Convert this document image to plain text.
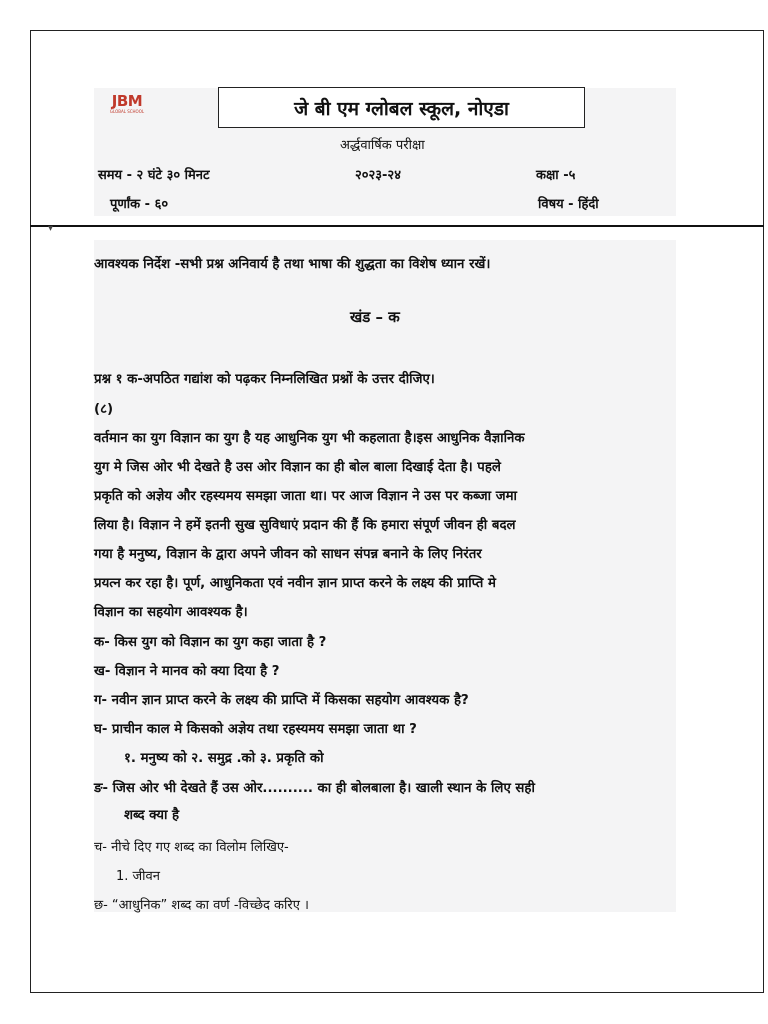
JBM
GLOBAL SCHOOL	जे बी एम ग्लोबल स्कूल, नोएडा
अर्द्धवार्षिक परीक्षा
समय - २ घंटे ३० मिनट	२०२३-२४	कक्षा -५
पूर्णांक - ६०	विषय - हिंदी
▾
आवश्यक निर्देश -सभी प्रश्न अनिवार्य है तथा भाषा की शुद्धता का विशेष ध्यान रखें।
खंड – क
प्रश्न १ क-अपठित गद्यांश को पढ़कर निम्नलिखित प्रश्नों के उत्तर दीजिए।
(८)
वर्तमान का युग विज्ञान का युग है यह आधुनिक युग भी कहलाता है।इस आधुनिक वैज्ञानिक
युग मे जिस ओर भी देखते है उस ओर विज्ञान का ही बोल बाला दिखाई देता है। पहले
प्रकृति को अज्ञेय और रहस्यमय समझा जाता था। पर आज विज्ञान ने उस पर कब्जा जमा
लिया है। विज्ञान ने हमें इतनी सुख सुविधाएं प्रदान की हैं कि हमारा संपूर्ण जीवन ही बदल
गया है मनुष्य, विज्ञान के द्वारा अपने जीवन को साधन संपन्न बनाने के लिए निरंतर
प्रयत्न कर रहा है। पूर्ण, आधुनिकता एवं नवीन ज्ञान प्राप्त करने के लक्ष्य की प्राप्ति मे
विज्ञान का सहयोग आवश्यक है।
क- किस युग को विज्ञान का युग कहा जाता है ?
ख- विज्ञान ने मानव को क्या दिया है ?
ग- नवीन ज्ञान प्राप्त करने के लक्ष्य की प्राप्ति में किसका सहयोग आवश्यक है?
घ- प्राचीन काल मे किसको अज्ञेय तथा रहस्यमय समझा जाता था ?
१. मनुष्य को २. समुद्र .को ३. प्रकृति को
ङ- जिस ओर भी देखते हैं उस ओर.......... का ही बोलबाला है। खाली स्थान के लिए सही
शब्द क्या है
च- नीचे दिए गए शब्द का विलोम लिखिए-
1. जीवन
छ- “आधुनिक” शब्द का वर्ण -विच्छेद करिए ।
